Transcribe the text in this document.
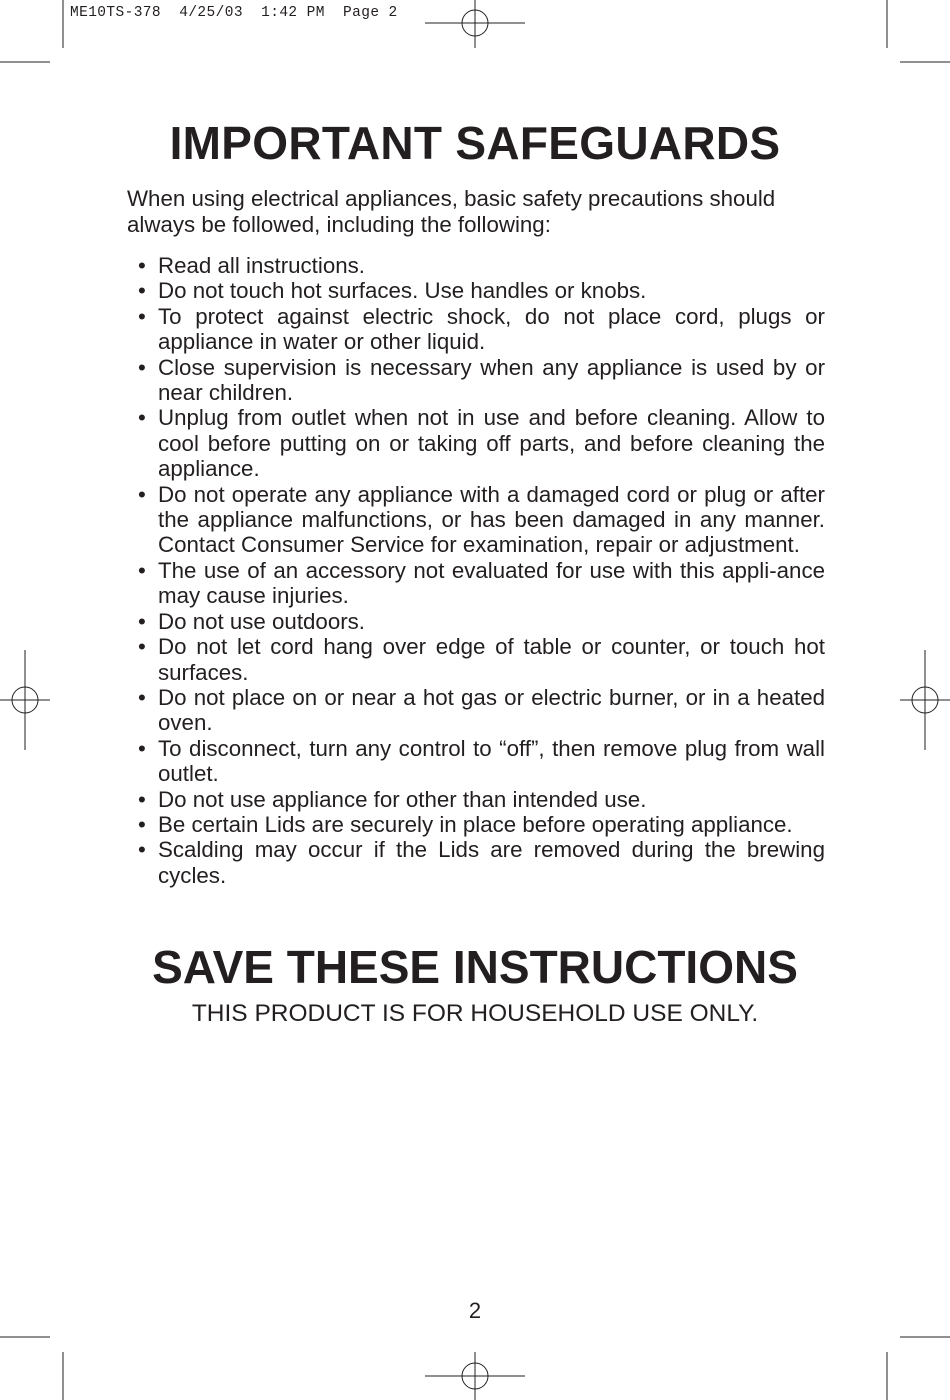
ME10TS-378  4/25/03  1:42 PM  Page 2
IMPORTANT SAFEGUARDS

When using electrical appliances, basic safety precautions should always be followed, including the following:

• Read all instructions.
• Do not touch hot surfaces. Use handles or knobs.
• To protect against electric shock, do not place cord, plugs or appliance in water or other liquid.
• Close supervision is necessary when any appliance is used by or near children.
• Unplug from outlet when not in use and before cleaning. Allow to cool before putting on or taking off parts, and before cleaning the appliance.
• Do not operate any appliance with a damaged cord or plug or after the appliance malfunctions, or has been damaged in any manner. Contact Consumer Service for examination, repair or adjustment.
• The use of an accessory not evaluated for use with this appli-ance may cause injuries.
• Do not use outdoors.
• Do not let cord hang over edge of table or counter, or touch hot surfaces.
• Do not place on or near a hot gas or electric burner, or in a heated oven.
• To disconnect, turn any control to “off”, then remove plug from wall outlet.
• Do not use appliance for other than intended use.
• Be certain Lids are securely in place before operating appliance.
• Scalding may occur if the Lids are removed during the brewing cycles.
SAVE THESE INSTRUCTIONS

THIS PRODUCT IS FOR HOUSEHOLD USE ONLY.

2
